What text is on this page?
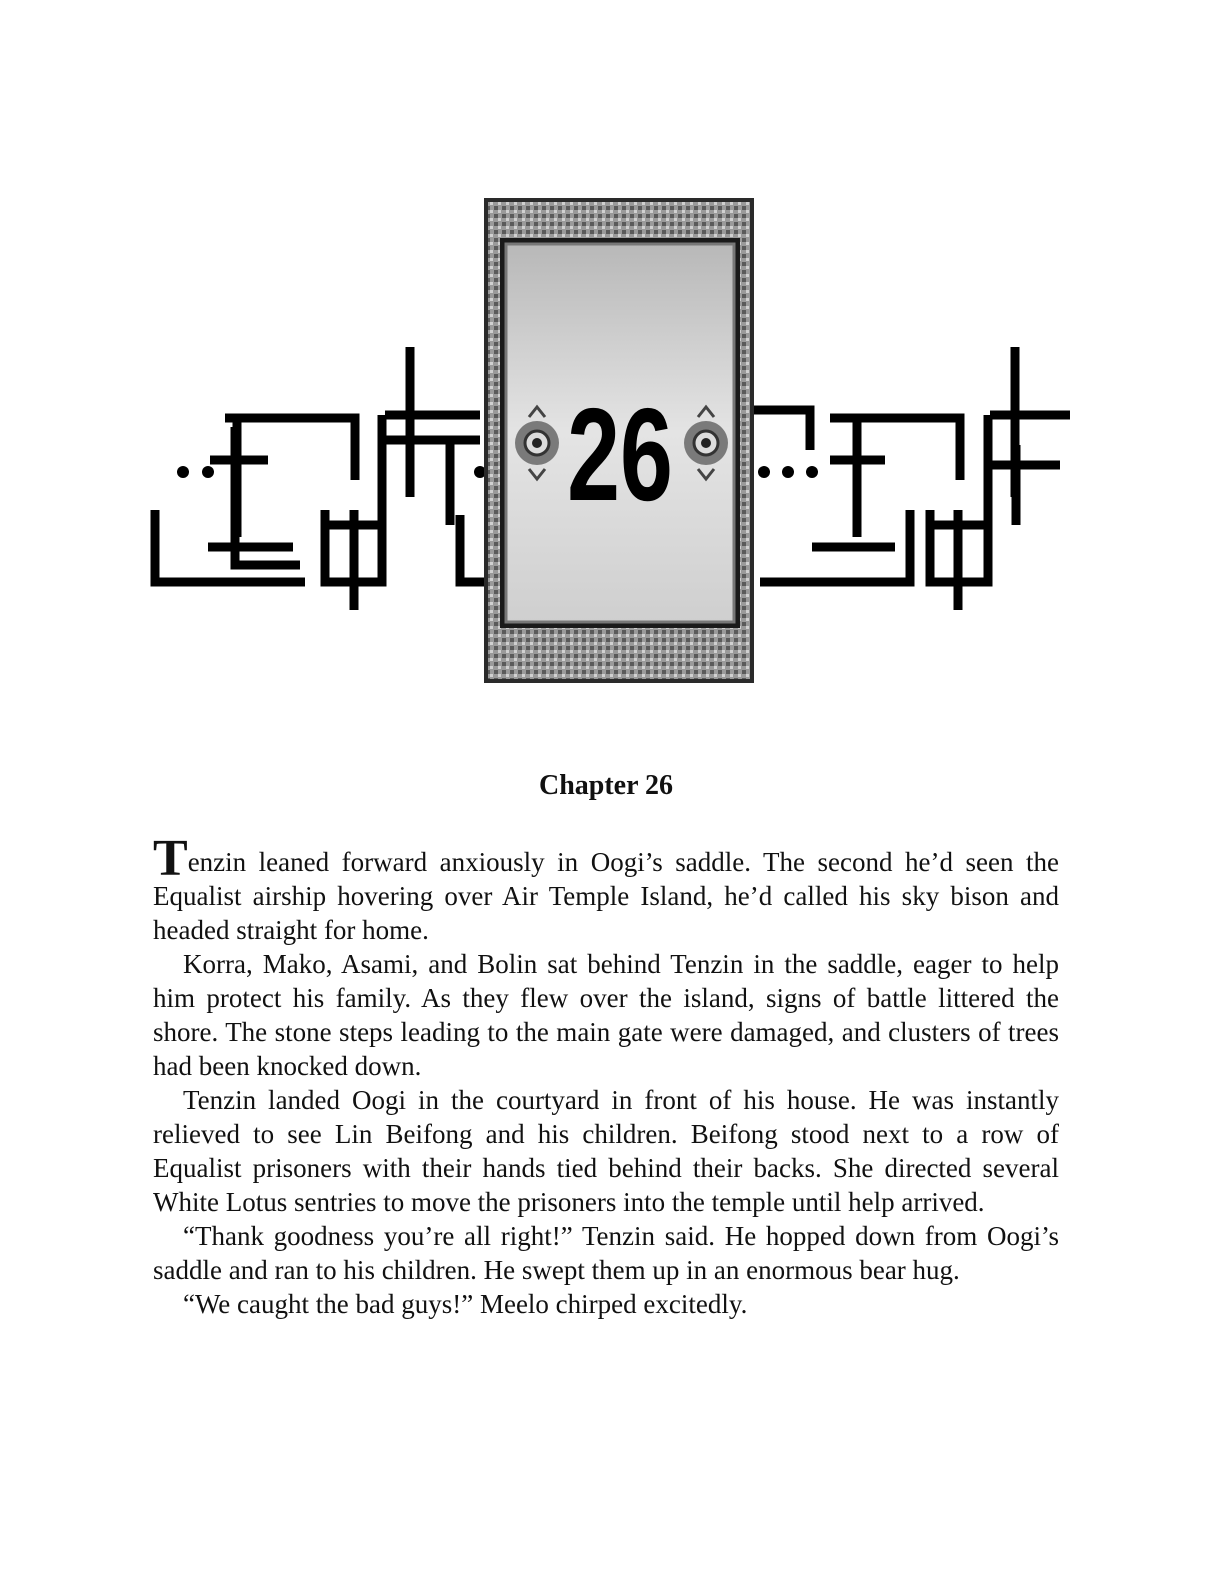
26
Chapter 26

Tenzin leaned forward anxiously in Oogi’s saddle. The second he’d seen the Equalist airship hovering over Air Temple Island, he’d called his sky bison and headed straight for home.

Korra, Mako, Asami, and Bolin sat behind Tenzin in the saddle, eager to help him protect his family. As they flew over the island, signs of battle littered the shore. The stone steps leading to the main gate were damaged, and clusters of trees had been knocked down.

Tenzin landed Oogi in the courtyard in front of his house. He was instantly relieved to see Lin Beifong and his children. Beifong stood next to a row of Equalist prisoners with their hands tied behind their backs. She directed several White Lotus sentries to move the prisoners into the temple until help arrived.

“Thank goodness you’re all right!” Tenzin said. He hopped down from Oogi’s saddle and ran to his children. He swept them up in an enormous bear hug.

“We caught the bad guys!” Meelo chirped excitedly.
